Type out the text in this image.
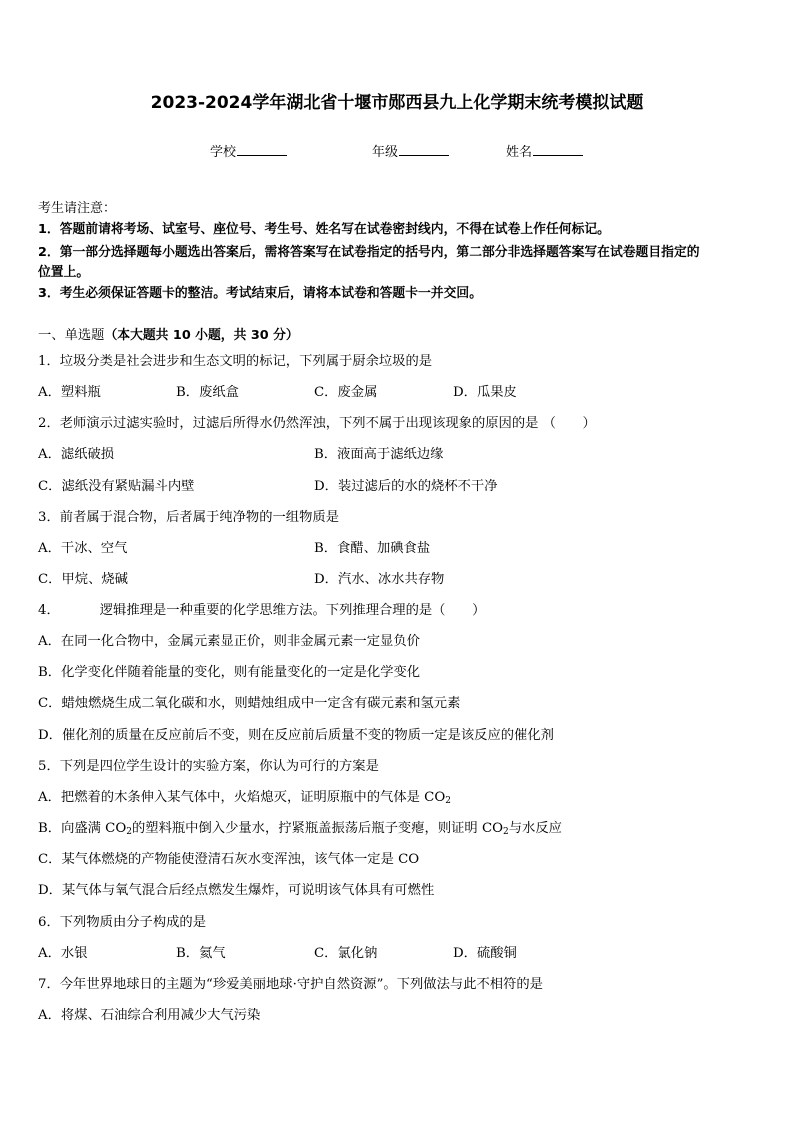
2023-2024学年湖北省十堰市郧西县九上化学期末统考模拟试题
学校	年级	姓名
考生请注意：
1．答题前请将考场、试室号、座位号、考生号、姓名写在试卷密封线内，不得在试卷上作任何标记。
2．第一部分选择题每小题选出答案后，需将答案写在试卷指定的括号内，第二部分非选择题答案写在试卷题目指定的
位置上。
3．考生必须保证答题卡的整洁。考试结束后，请将本试卷和答题卡一并交回。
一、单选题（本大题共 10 小题，共 30 分）
1．垃圾分类是社会进步和生态文明的标记，下列属于厨余垃圾的是
A．塑料瓶	B．废纸盒	C．废金属	D．瓜果皮
2．老师演示过滤实验时，过滤后所得水仍然浑浊，下列不属于出现该现象的原因的是 （　　）
A．滤纸破损	B．液面高于滤纸边缘
C．滤纸没有紧贴漏斗内壁	D．装过滤后的水的烧杯不干净
3．前者属于混合物，后者属于纯净物的一组物质是
A．干冰、空气	B．食醋、加碘食盐
C．甲烷、烧碱	D．汽水、冰水共存物
4．	逻辑推理是一种重要的化学思维方法。下列推理合理的是（　　）
A．在同一化合物中，金属元素显正价，则非金属元素一定显负价
B．化学变化伴随着能量的变化，则有能量变化的一定是化学变化
C．蜡烛燃烧生成二氧化碳和水，则蜡烛组成中一定含有碳元素和氢元素
D．催化剂的质量在反应前后不变，则在反应前后质量不变的物质一定是该反应的催化剂
5．下列是四位学生设计的实验方案，你认为可行的方案是
A．把燃着的木条伸入某气体中，火焰熄灭，证明原瓶中的气体是 $CO_2$
B．向盛满 $CO_2$的塑料瓶中倒入少量水，拧紧瓶盖振荡后瓶子变瘪，则证明 $CO_2$与水反应
C．某气体燃烧的产物能使澄清石灰水变浑浊，该气体一定是 CO
D．某气体与氧气混合后经点燃发生爆炸，可说明该气体具有可燃性
6．下列物质由分子构成的是
A．水银	B．氦气	C．氯化钠	D．硫酸铜
7．今年世界地球日的主题为“珍爱美丽地球·守护自然资源”。下列做法与此不相符的是
A．将煤、石油综合利用减少大气污染
